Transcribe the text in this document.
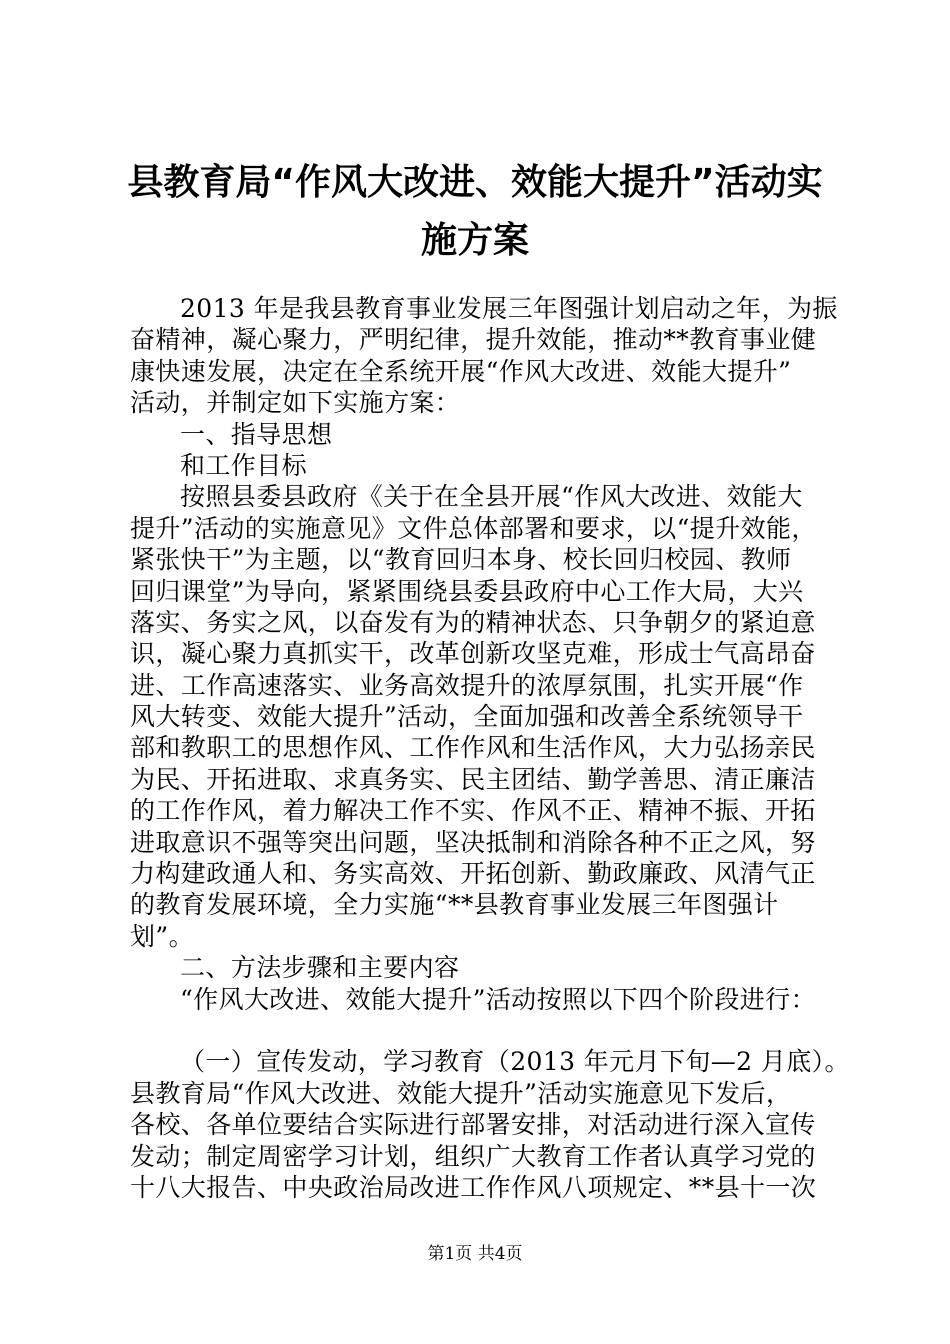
县教育局“作风大改进、效能大提升”活动实
施方案
2013 年是我县教育事业发展三年图强计划启动之年，为振
奋精神，凝心聚力，严明纪律，提升效能，推动**教育事业健
康快速发展，决定在全系统开展“作风大改进、效能大提升”
活动，并制定如下实施方案：
一、指导思想
和工作目标
按照县委县政府《关于在全县开展“作风大改进、效能大
提升”活动的实施意见》文件总体部署和要求，以“提升效能，
紧张快干”为主题，以“教育回归本身、校长回归校园、教师
回归课堂”为导向，紧紧围绕县委县政府中心工作大局，大兴
落实、务实之风，以奋发有为的精神状态、只争朝夕的紧迫意
识，凝心聚力真抓实干，改革创新攻坚克难，形成士气高昂奋
进、工作高速落实、业务高效提升的浓厚氛围，扎实开展“作
风大转变、效能大提升”活动，全面加强和改善全系统领导干
部和教职工的思想作风、工作作风和生活作风，大力弘扬亲民
为民、开拓进取、求真务实、民主团结、勤学善思、清正廉洁
的工作作风，着力解决工作不实、作风不正、精神不振、开拓
进取意识不强等突出问题，坚决抵制和消除各种不正之风，努
力构建政通人和、务实高效、开拓创新、勤政廉政、风清气正
的教育发展环境，全力实施“**县教育事业发展三年图强计
划”。
二、方法步骤和主要内容
“作风大改进、效能大提升”活动按照以下四个阶段进行：
（一）宣传发动，学习教育（2013 年元月下旬—2 月底）。
县教育局“作风大改进、效能大提升”活动实施意见下发后，
各校、各单位要结合实际进行部署安排，对活动进行深入宣传
发动；制定周密学习计划，组织广大教育工作者认真学习党的
十八大报告、中央政治局改进工作作风八项规定、**县十一次
第1页 共4页
